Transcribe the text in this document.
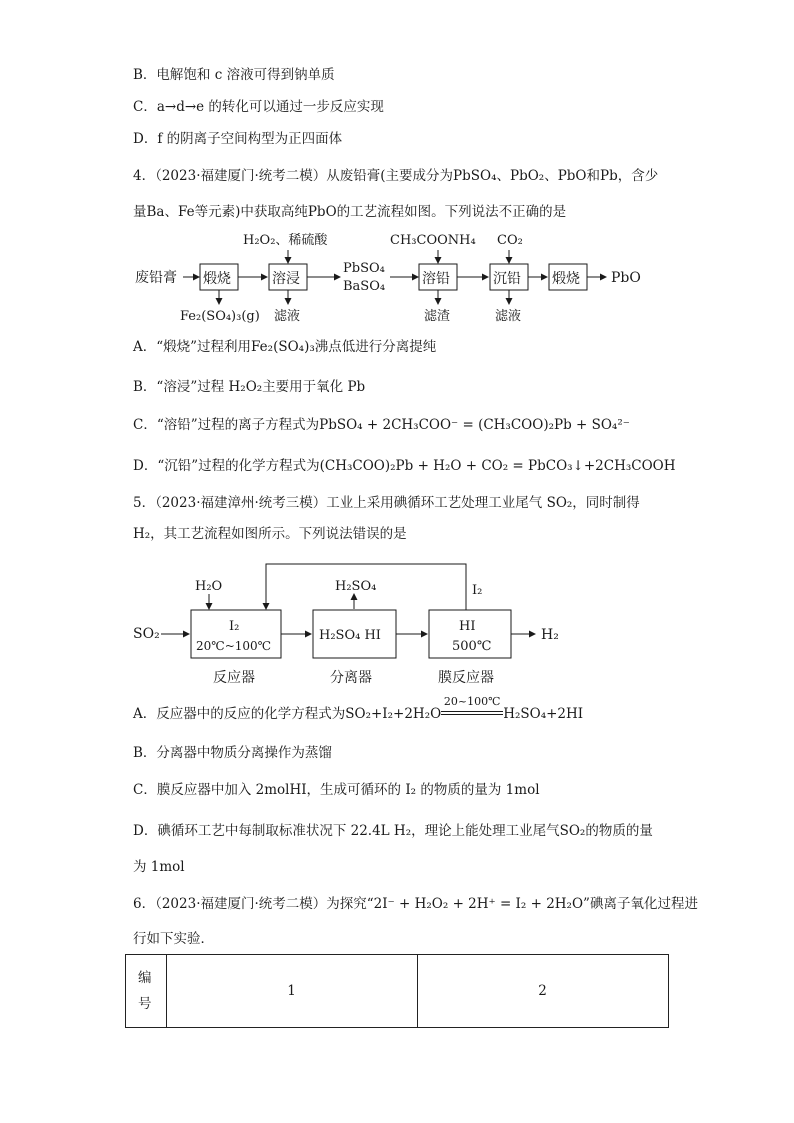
B．电解饱和 c 溶液可得到钠单质
C．a→d→e 的转化可以通过一步反应实现
D．f 的阴离子空间构型为正四面体
4．（2023·福建厦门·统考二模）从废铅膏(主要成分为PbSO₄、PbO₂、PbO和Pb，含少
量Ba、Fe等元素)中获取高纯PbO的工艺流程如图。下列说法不正确的是
废铅膏 煅烧
Fe₂(SO₄)₃(g)
H₂O₂、稀硫酸
溶浸
滤液
PbSO₄
BaSO₄
CH₃COONH₄
溶铅
滤渣
CO₂
沉铅
滤液
煅烧 PbO
A．“煅烧”过程利用Fe₂(SO₄)₃沸点低进行分离提纯
B．“溶浸”过程 H₂O₂主要用于氧化 Pb
C．“溶铅”过程的离子方程式为PbSO₄ + 2CH₃COO⁻ = (CH₃COO)₂Pb + SO₄²⁻
D．“沉铅”过程的化学方程式为(CH₃COO)₂Pb + H₂O + CO₂ = PbCO₃↓+2CH₃COOH
5．（2023·福建漳州·统考三模）工业上采用碘循环工艺处理工业尾气 SO₂，同时制得
H₂，其工艺流程如图所示。下列说法错误的是
SO₂
H₂O
I₂
20℃~100℃
反应器
H₂SO₄ HI
分离器
H₂SO₄
HI
500℃
膜反应器
I₂
H₂
A．反应器中的反应的化学方程式为SO₂+I₂+2H₂O
20~100℃
H₂SO₄+2HI
B．分离器中物质分离操作为蒸馏
C．膜反应器中加入 2molHI，生成可循环的 I₂ 的物质的量为 1mol
D．碘循环工艺中每制取标准状况下 22.4L H₂，理论上能处理工业尾气SO₂的物质的量
为 1mol
6．（2023·福建厦门·统考二模）为探究“2I⁻ + H₂O₂ + 2H⁺ = I₂ + 2H₂O”碘离子氧化过程进
行如下实验．
编
号
1	2
